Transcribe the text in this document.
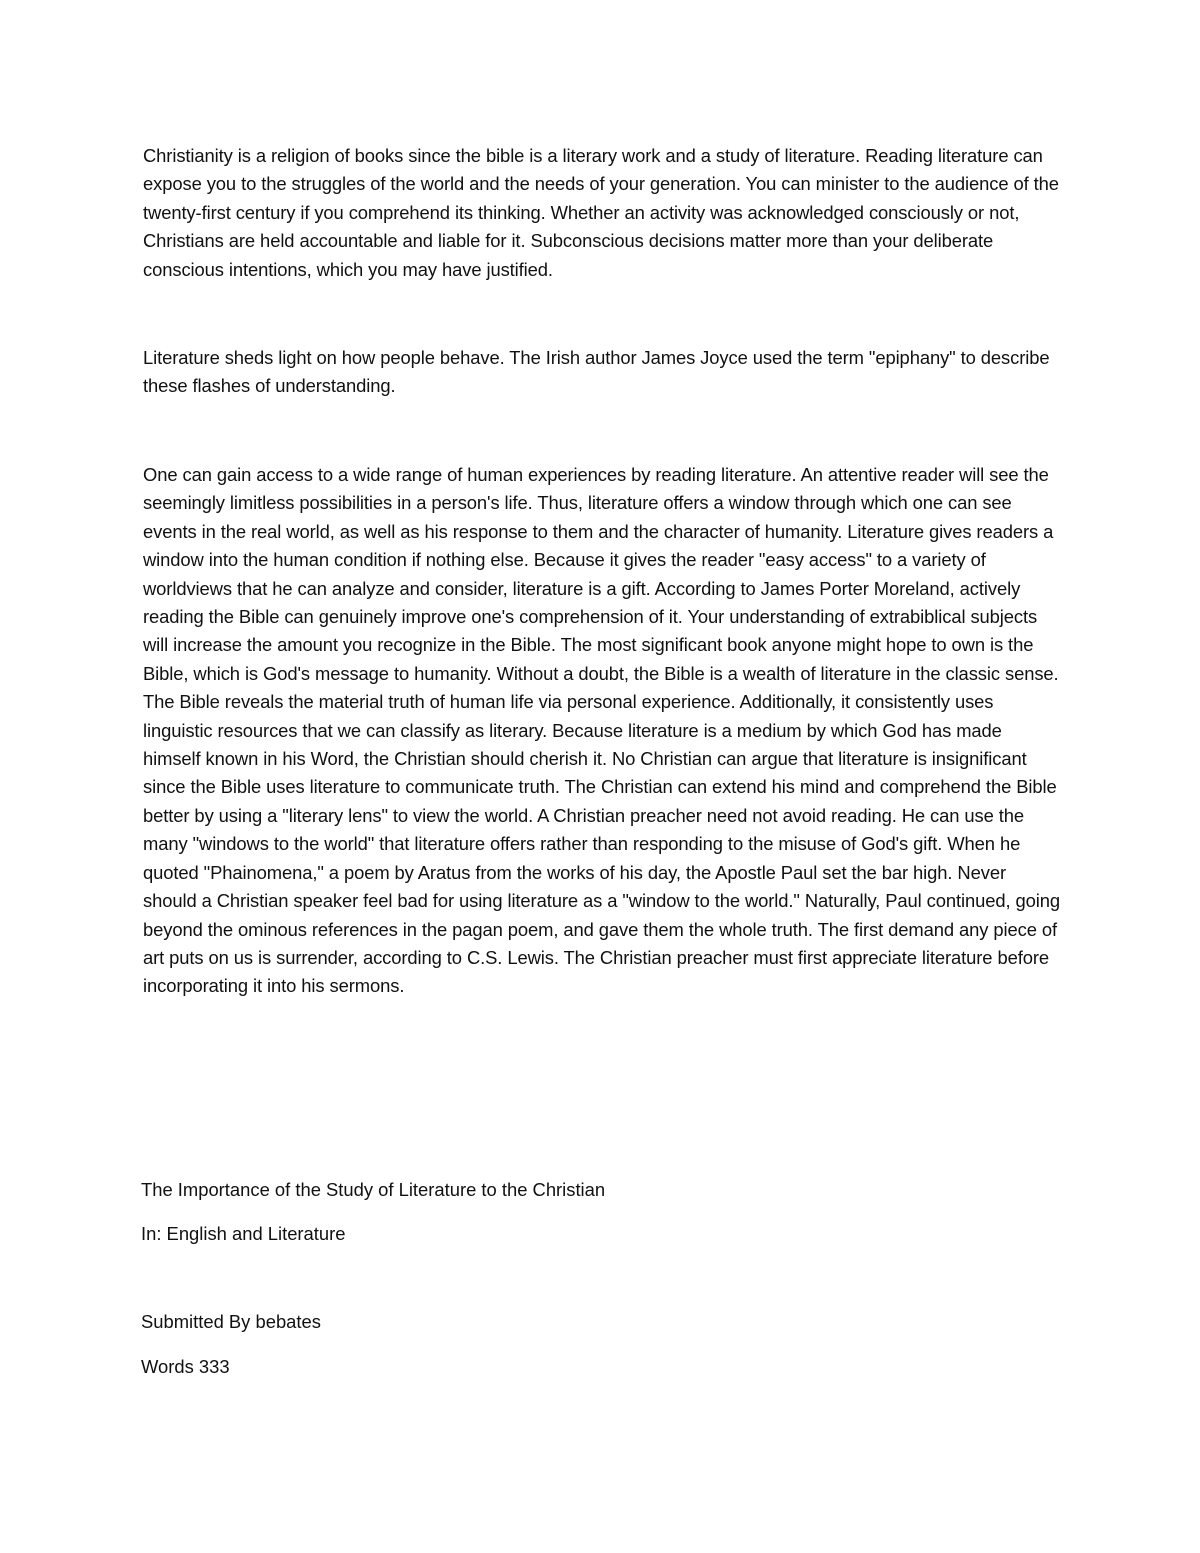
Christianity is a religion of books since the bible is a literary work and a study of literature. Reading literature can expose you to the struggles of the world and the needs of your generation. You can minister to the audience of the twenty-first century if you comprehend its thinking. Whether an activity was acknowledged consciously or not, Christians are held accountable and liable for it. Subconscious decisions matter more than your deliberate conscious intentions, which you may have justified.

Literature sheds light on how people behave. The Irish author James Joyce used the term "epiphany" to describe these flashes of understanding.

One can gain access to a wide range of human experiences by reading literature. An attentive reader will see the seemingly limitless possibilities in a person's life. Thus, literature offers a window through which one can see events in the real world, as well as his response to them and the character of humanity. Literature gives readers a window into the human condition if nothing else. Because it gives the reader "easy access" to a variety of worldviews that he can analyze and consider, literature is a gift. According to James Porter Moreland, actively reading the Bible can genuinely improve one's comprehension of it. Your understanding of extrabiblical subjects will increase the amount you recognize in the Bible. The most significant book anyone might hope to own is the Bible, which is God's message to humanity. Without a doubt, the Bible is a wealth of literature in the classic sense. The Bible reveals the material truth of human life via personal experience. Additionally, it consistently uses linguistic resources that we can classify as literary. Because literature is a medium by which God has made himself known in his Word, the Christian should cherish it. No Christian can argue that literature is insignificant since the Bible uses literature to communicate truth. The Christian can extend his mind and comprehend the Bible better by using a "literary lens" to view the world. A Christian preacher need not avoid reading. He can use the many "windows to the world" that literature offers rather than responding to the misuse of God's gift. When he quoted "Phainomena," a poem by Aratus from the works of his day, the Apostle Paul set the bar high. Never should a Christian speaker feel bad for using literature as a "window to the world." Naturally, Paul continued, going beyond the ominous references in the pagan poem, and gave them the whole truth. The first demand any piece of art puts on us is surrender, according to C.S. Lewis. The Christian preacher must first appreciate literature before incorporating it into his sermons.

The Importance of the Study of Literature to the Christian

In: English and Literature

Submitted By bebates

Words 333
